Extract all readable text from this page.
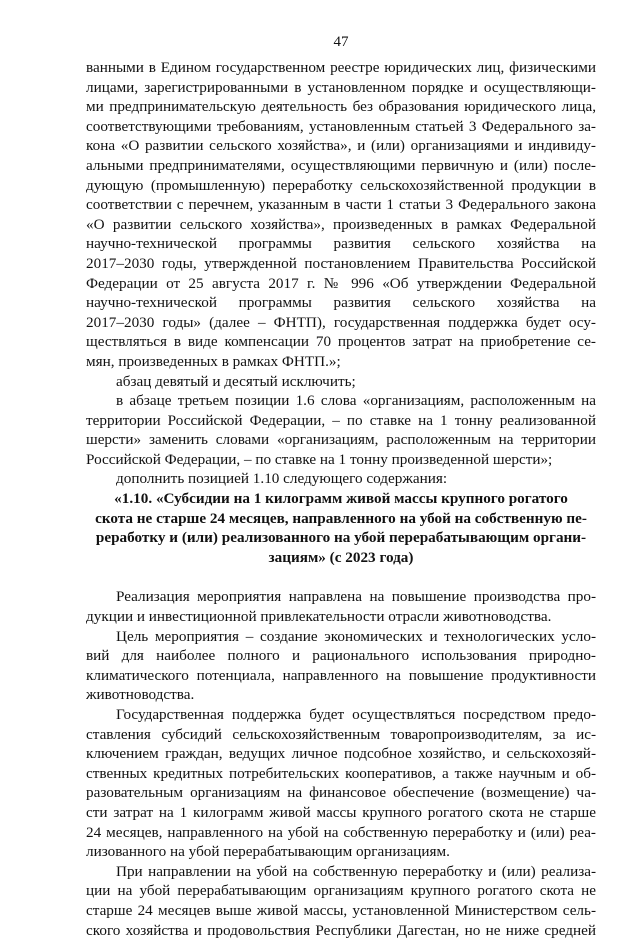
47
ванными в Едином государственном реестре юридических лиц, физическими
лицами, зарегистрированными в установленном порядке и осуществляющи-
ми предпринимательскую деятельность без образования юридического лица,
соответствующими требованиям, установленным статьей 3 Федерального за-
кона «О развитии сельского хозяйства», и (или) организациями и индивиду-
альными предпринимателями, осуществляющими первичную и (или) после-
дующую (промышленную) переработку сельскохозяйственной продукции в
соответствии с перечнем, указанным в части 1 статьи 3 Федерального закона
«О развитии сельского хозяйства», произведенных в рамках Федеральной
научно-технической программы развития сельского хозяйства на
2017–2030 годы, утвержденной постановлением Правительства Российской
Федерации от 25 августа 2017 г. № 996 «Об утверждении Федеральной
научно-технической программы развития сельского хозяйства на
2017–2030 годы» (далее – ФНТП), государственная поддержка будет осу-
ществляться в виде компенсации 70 процентов затрат на приобретение се-
мян, произведенных в рамках ФНТП.»;
абзац девятый и десятый исключить;
в абзаце третьем позиции 1.6 слова «организациям, расположенным на
территории Российской Федерации, – по ставке на 1 тонну реализованной
шерсти» заменить словами «организациям, расположенным на территории
Российской Федерации, – по ставке на 1 тонну произведенной шерсти»;
дополнить позицией 1.10 следующего содержания:
«1.10. «Субсидии на 1 килограмм живой массы крупного рогатого
скота не старше 24 месяцев, направленного на убой на собственную пе-
реработку и (или) реализованного на убой перерабатывающим органи-
зациям» (с 2023 года)
Реализация мероприятия направлена на повышение производства про-
дукции и инвестиционной привлекательности отрасли животноводства.
Цель мероприятия – создание экономических и технологических усло-
вий для наиболее полного и рационального использования природно-
климатического потенциала, направленного на повышение продуктивности
животноводства.
Государственная поддержка будет осуществляться посредством предо-
ставления субсидий сельскохозяйственным товаропроизводителям, за ис-
ключением граждан, ведущих личное подсобное хозяйство, и сельскохозяй-
ственных кредитных потребительских кооперативов, а также научным и об-
разовательным организациям на финансовое обеспечение (возмещение) ча-
сти затрат на 1 килограмм живой массы крупного рогатого скота не старше
24 месяцев, направленного на убой на собственную переработку и (или) реа-
лизованного на убой перерабатывающим организациям.
При направлении на убой на собственную переработку и (или) реализа-
ции на убой перерабатывающим организациям крупного рогатого скота не
старше 24 месяцев выше живой массы, установленной Министерством сель-
ского хозяйства и продовольствия Республики Дагестан, но не ниже средней
